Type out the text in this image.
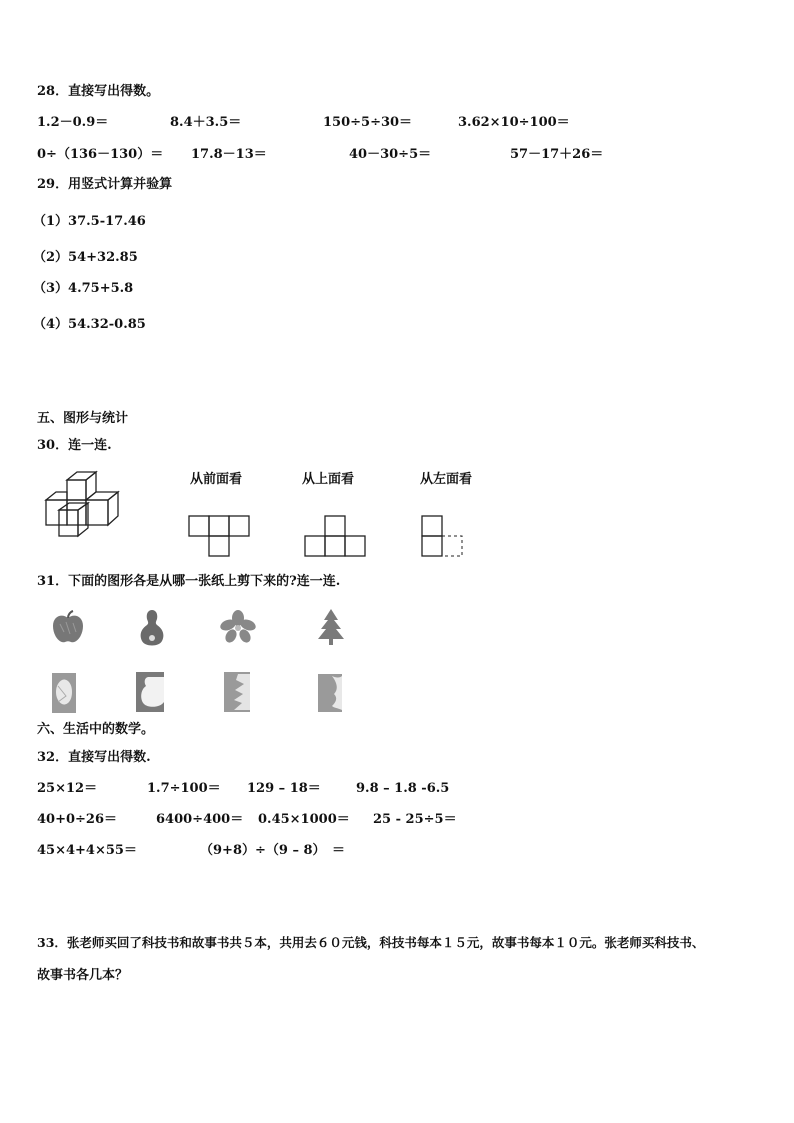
28．直接写出得数。
1.2－0.9＝	8.4＋3.5＝	150÷5÷30＝	3.62×10÷100＝
0÷（136－130）＝ 17.8－13＝	40－30÷5＝	57－17＋26＝
29．用竖式计算并验算
（1）37.5-17.46
（2）54+32.85
（3）4.75+5.8
（4）54.32-0.85
五、图形与统计
30．连一连.
从前面看	从上面看	从左面看
31．下面的图形各是从哪一张纸上剪下来的?连一连.
六、生活中的数学。
32．直接写出得数.
25×12＝	1.7÷100＝ 129 – 18＝	9.8 – 1.8 -6.5
40+0÷26＝	6400÷400＝ 0.45×1000＝ 25 - 25÷5＝
45×4+4×55＝	（9+8）÷（9 – 8）　＝
33．张老师买回了科技书和故事书共５本，共用去６０元钱，科技书每本１５元，故事书每本１０元。张老师买科技书、
故事书各几本？
